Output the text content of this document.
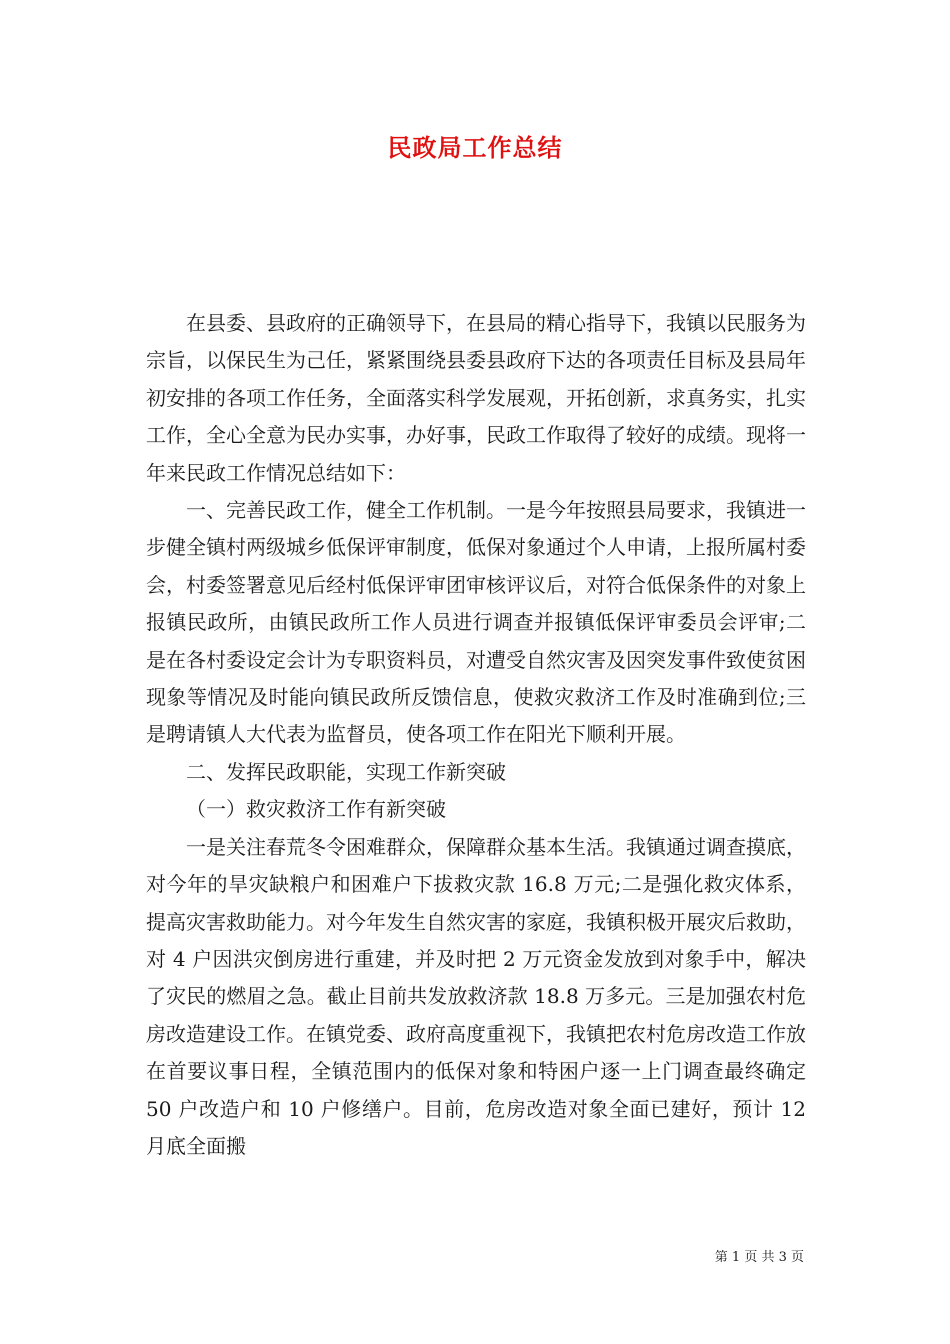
民政局工作总结

在县委、县政府的正确领导下，在县局的精心指导下，我镇以民服务为宗旨，以保民生为己任，紧紧围绕县委县政府下达的各项责任目标及县局年初安排的各项工作任务，全面落实科学发展观，开拓创新，求真务实，扎实工作，全心全意为民办实事，办好事，民政工作取得了较好的成绩。现将一年来民政工作情况总结如下：

一、完善民政工作，健全工作机制。一是今年按照县局要求，我镇进一步健全镇村两级城乡低保评审制度，低保对象通过个人申请，上报所属村委会，村委签署意见后经村低保评审团审核评议后，对符合低保条件的对象上报镇民政所，由镇民政所工作人员进行调查并报镇低保评审委员会评审;二是在各村委设定会计为专职资料员，对遭受自然灾害及因突发事件致使贫困现象等情况及时能向镇民政所反馈信息，使救灾救济工作及时准确到位;三是聘请镇人大代表为监督员，使各项工作在阳光下顺利开展。

二、发挥民政职能，实现工作新突破

（一）救灾救济工作有新突破

一是关注春荒冬令困难群众，保障群众基本生活。我镇通过调查摸底，对今年的旱灾缺粮户和困难户下拔救灾款 16.8 万元;二是强化救灾体系，提高灾害救助能力。对今年发生自然灾害的家庭，我镇积极开展灾后救助，对 4 户因洪灾倒房进行重建，并及时把 2 万元资金发放到对象手中，解决了灾民的燃眉之急。截止目前共发放救济款 18.8 万多元。三是加强农村危房改造建设工作。在镇党委、政府高度重视下，我镇把农村危房改造工作放在首要议事日程，全镇范围内的低保对象和特困户逐一上门调查最终确定 50 户改造户和 10 户修缮户。目前，危房改造对象全面已建好，预计 12 月底全面搬

第 1 页 共 3 页
